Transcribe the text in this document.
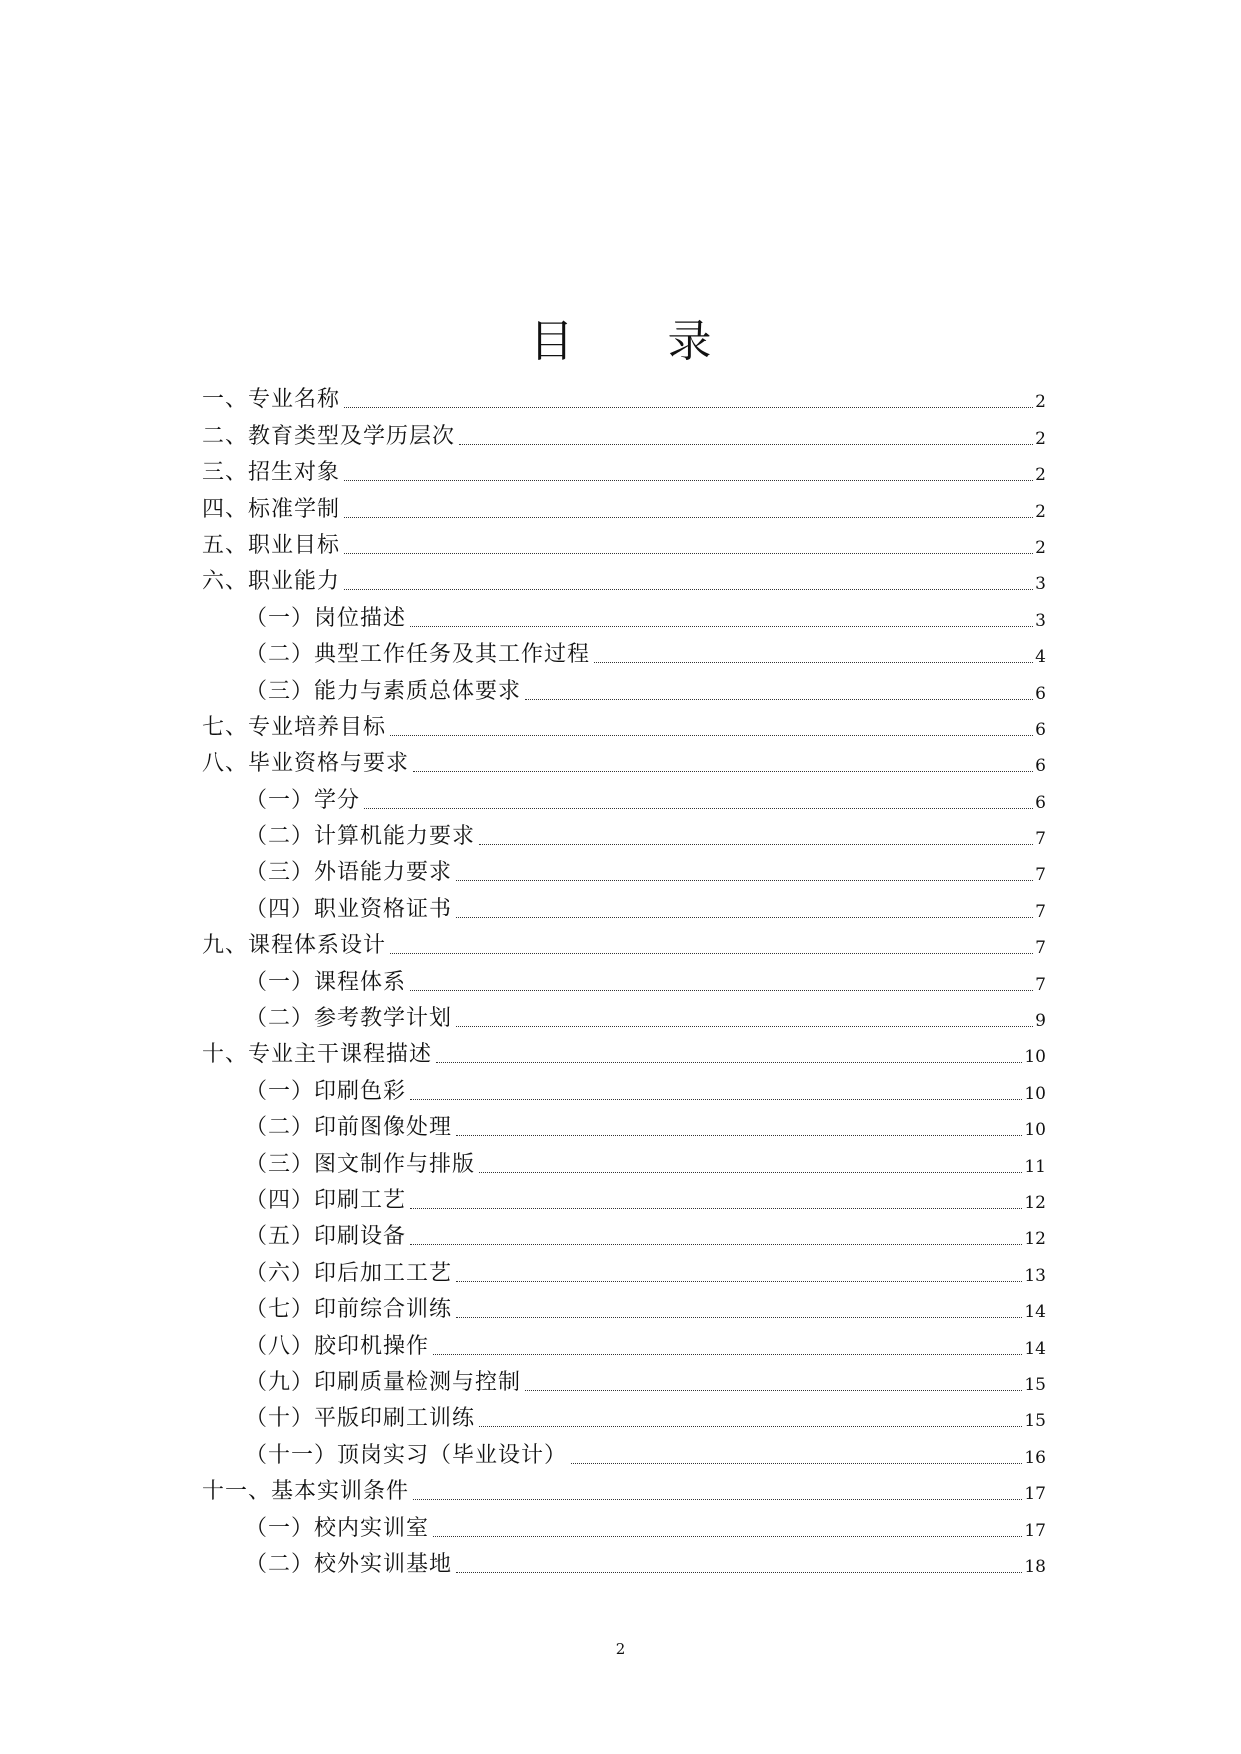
目 录
一、专业名称	2
二、教育类型及学历层次	2
三、招生对象	2
四、标准学制	2
五、职业目标	2
六、职业能力	3
（一）岗位描述	3
（二）典型工作任务及其工作过程	4
（三）能力与素质总体要求	6
七、专业培养目标	6
八、毕业资格与要求	6
（一）学分	6
（二）计算机能力要求	7
（三）外语能力要求	7
（四）职业资格证书	7
九、课程体系设计	7
（一）课程体系	7
（二）参考教学计划	9
十、专业主干课程描述	10
（一）印刷色彩	10
（二）印前图像处理	10
（三）图文制作与排版	11
（四）印刷工艺	12
（五）印刷设备	12
（六）印后加工工艺	13
（七）印前综合训练	14
（八）胶印机操作	14
（九）印刷质量检测与控制	15
（十）平版印刷工训练	15
（十一）顶岗实习（毕业设计）	16
十一、基本实训条件	17
（一）校内实训室	17
（二）校外实训基地	18
2
